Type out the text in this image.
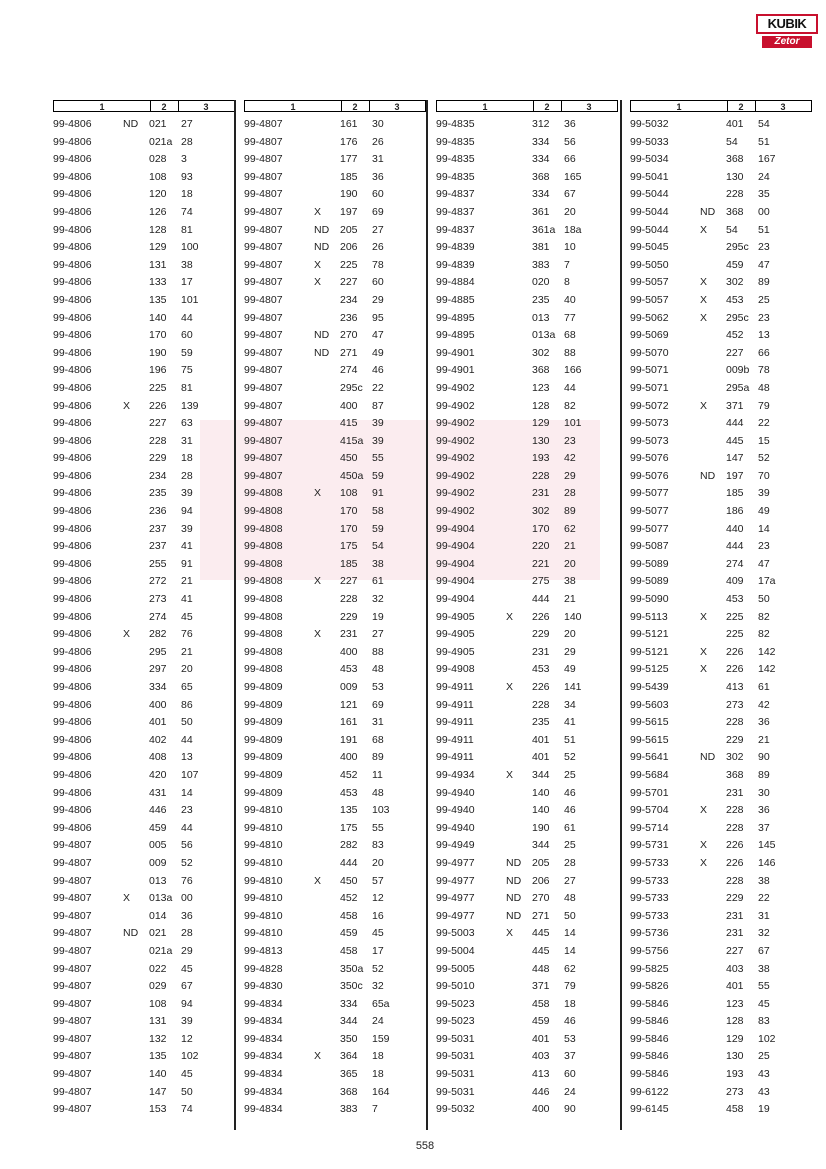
KUBIK
Zetor
1	2	3
99-4806	ND 021 27
99-4806	021a 28
99-4806	028 3
99-4806	108 93
99-4806	120 18
99-4806	126 74
99-4806	128 81
99-4806	129 100
99-4806	131 38
99-4806	133 17
99-4806	135 101
99-4806	140 44
99-4806	170 60
99-4806	190 59
99-4806	196 75
99-4806	225 81
99-4806	X 226 139
99-4806	227 63
99-4806	228 31
99-4806	229 18
99-4806	234 28
99-4806	235 39
99-4806	236 94
99-4806	237 39
99-4806	237 41
99-4806	255 91
99-4806	272 21
99-4806	273 41
99-4806	274 45
99-4806	X 282 76
99-4806	295 21
99-4806	297 20
99-4806	334 65
99-4806	400 86
99-4806	401 50
99-4806	402 44
99-4806	408 13
99-4806	420 107
99-4806	431 14
99-4806	446 23
99-4806	459 44
99-4807	005 56
99-4807	009 52
99-4807	013 76
99-4807	X 013a 00
99-4807	014 36
99-4807	ND 021 28
99-4807	021a 29
99-4807	022 45
99-4807	029 67
99-4807	108 94
99-4807	131 39
99-4807	132 12
99-4807	135 102
99-4807	140 45
99-4807	147 50
99-4807	153 74
1	2	3
99-4807	161 30
99-4807	176 26
99-4807	177 31
99-4807	185 36
99-4807	190 60
99-4807	X 197 69
99-4807	ND 205 27
99-4807	ND 206 26
99-4807	X 225 78
99-4807	X 227 60
99-4807	234 29
99-4807	236 95
99-4807	ND 270 47
99-4807	ND 271 49
99-4807	274 46
99-4807	295c 22
99-4807	400 87
99-4807	415 39
99-4807	415a 39
99-4807	450 55
99-4807	450a 59
99-4808	X 108 91
99-4808	170 58
99-4808	170 59
99-4808	175 54
99-4808	185 38
99-4808	X 227 61
99-4808	228 32
99-4808	229 19
99-4808	X 231 27
99-4808	400 88
99-4808	453 48
99-4809	009 53
99-4809	121 69
99-4809	161 31
99-4809	191 68
99-4809	400 89
99-4809	452 11
99-4809	453 48
99-4810	135 103
99-4810	175 55
99-4810	282 83
99-4810	444 20
99-4810	X 450 57
99-4810	452 12
99-4810	458 16
99-4810	459 45
99-4813	458 17
99-4828	350a 52
99-4830	350c 32
99-4834	334 65a
99-4834	344 24
99-4834	350 159
99-4834	X 364 18
99-4834	365 18
99-4834	368 164
99-4834	383 7
1	2	3
99-4835	312 36
99-4835	334 56
99-4835	334 66
99-4835	368 165
99-4837	334 67
99-4837	361 20
99-4837	361a 18a
99-4839	381 10
99-4839	383 7
99-4884	020 8
99-4885	235 40
99-4895	013 77
99-4895	013a 68
99-4901	302 88
99-4901	368 166
99-4902	123 44
99-4902	128 82
99-4902	129 101
99-4902	130 23
99-4902	193 42
99-4902	228 29
99-4902	231 28
99-4902	302 89
99-4904	170 62
99-4904	220 21
99-4904	221 20
99-4904	275 38
99-4904	444 21
99-4905	X 226 140
99-4905	229 20
99-4905	231 29
99-4908	453 49
99-4911	X 226 141
99-4911	228 34
99-4911	235 41
99-4911	401 51
99-4911	401 52
99-4934	X 344 25
99-4940	140 46
99-4940	140 46
99-4940	190 61
99-4949	344 25
99-4977	ND 205 28
99-4977	ND 206 27
99-4977	ND 270 48
99-4977	ND 271 50
99-5003	X 445 14
99-5004	445 14
99-5005	448 62
99-5010	371 79
99-5023	458 18
99-5023	459 46
99-5031	401 53
99-5031	403 37
99-5031	413 60
99-5031	446 24
99-5032	400 90
1	2	3
99-5032	401 54
99-5033	54 51
99-5034	368 167
99-5041	130 24
99-5044	228 35
99-5044	ND 368 00
99-5044	X 54 51
99-5045	295c 23
99-5050	459 47
99-5057	X 302 89
99-5057	X 453 25
99-5062	X 295c 23
99-5069	452 13
99-5070	227 66
99-5071	009b 78
99-5071	295a 48
99-5072	X 371 79
99-5073	444 22
99-5073	445 15
99-5076	147 52
99-5076	ND 197 70
99-5077	185 39
99-5077	186 49
99-5077	440 14
99-5087	444 23
99-5089	274 47
99-5089	409 17a
99-5090	453 50
99-5113	X 225 82
99-5121	225 82
99-5121	X 226 142
99-5125	X 226 142
99-5439	413 61
99-5603	273 42
99-5615	228 36
99-5615	229 21
99-5641	ND 302 90
99-5684	368 89
99-5701	231 30
99-5704	X 228 36
99-5714	228 37
99-5731	X 226 145
99-5733	X 226 146
99-5733	228 38
99-5733	229 22
99-5733	231 31
99-5736	231 32
99-5756	227 67
99-5825	403 38
99-5826	401 55
99-5846	123 45
99-5846	128 83
99-5846	129 102
99-5846	130 25
99-5846	193 43
99-6122	273 43
99-6145	458 19
558
